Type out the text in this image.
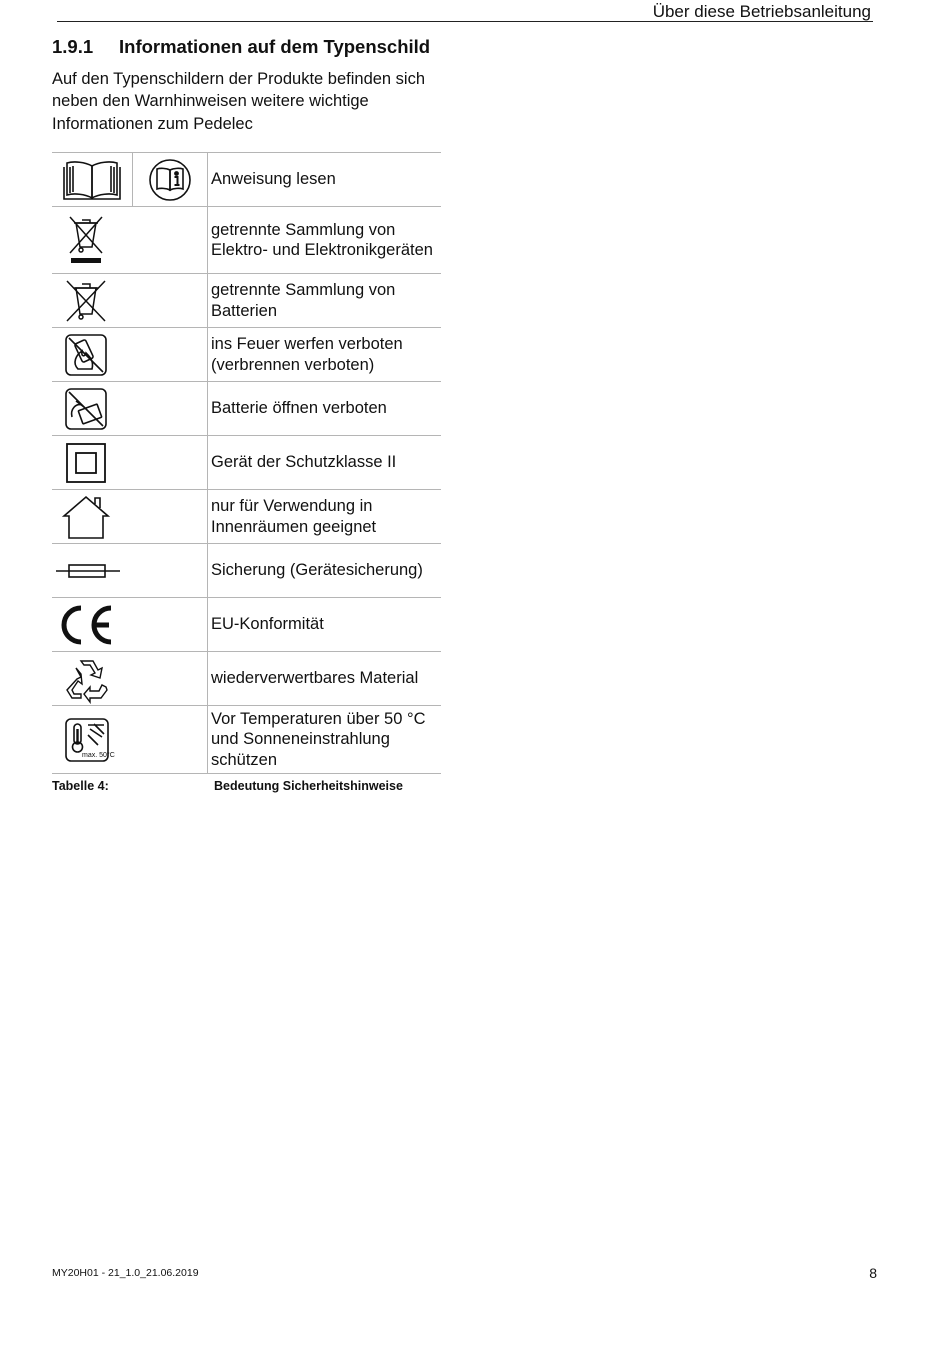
Über diese Betriebsanleitung
1.9.1 Informationen auf dem Typenschild
Auf den Typenschildern der Produkte befinden sich neben den Warnhinweisen weitere wichtige Informationen zum Pedelec
	Anweisung lesen

	getrennte Sammlung von Elektro- und Elektronikgeräten

	getrennte Sammlung von Batterien

	ins Feuer werfen verboten (verbrennen verboten)

	Batterie öffnen verboten

	Gerät der Schutzklasse II

	nur für Verwendung in Innenräumen geeignet

	Sicherung (Gerätesicherung)

	EU-Konformität

	wiederverwertbares Material

max. 50°C	Vor Temperaturen über 50 °C und Sonneneinstrahlung schützen
Tabelle 4:	Bedeutung Sicherheitshinweise
MY20H01 - 21_1.0_21.06.2019	8
